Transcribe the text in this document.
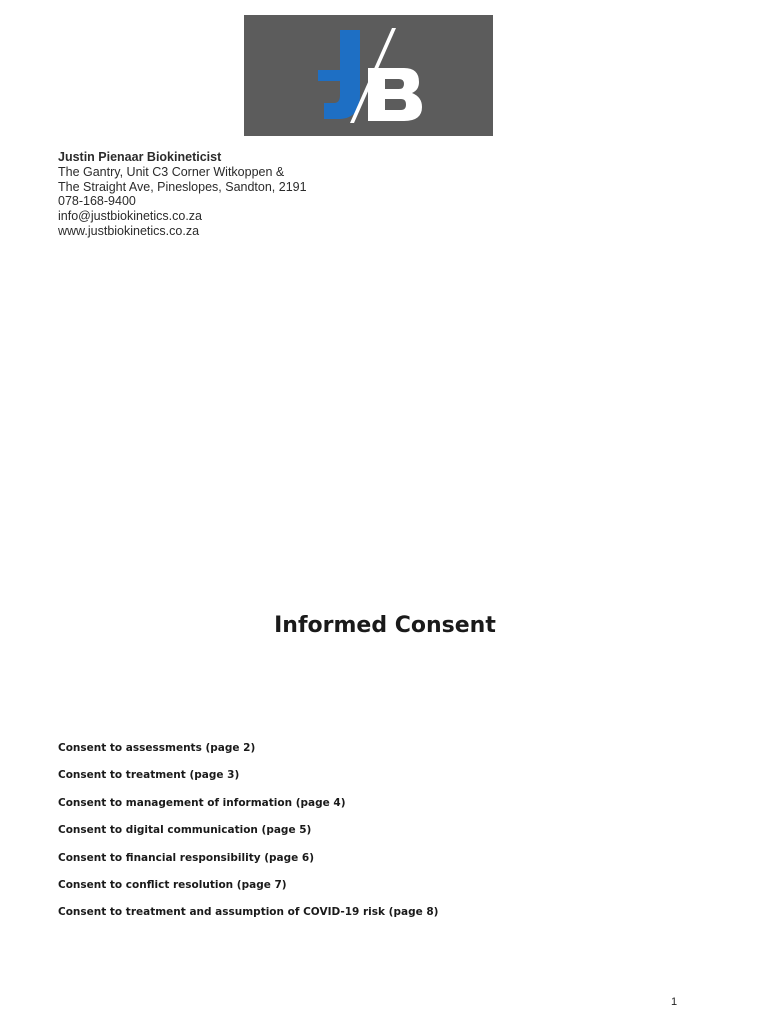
Justin Pienaar Biokineticist
The Gantry, Unit C3 Corner Witkoppen &
The Straight Ave, Pineslopes, Sandton, 2191
078-168-9400
info@justbiokinetics.co.za
www.justbiokinetics.co.za
Informed Consent
Consent to assessments (page 2)
Consent to treatment (page 3)
Consent to management of information (page 4)
Consent to digital communication (page 5)
Consent to financial responsibility (page 6)
Consent to conflict resolution (page 7)
Consent to treatment and assumption of COVID-19 risk (page 8)
1
